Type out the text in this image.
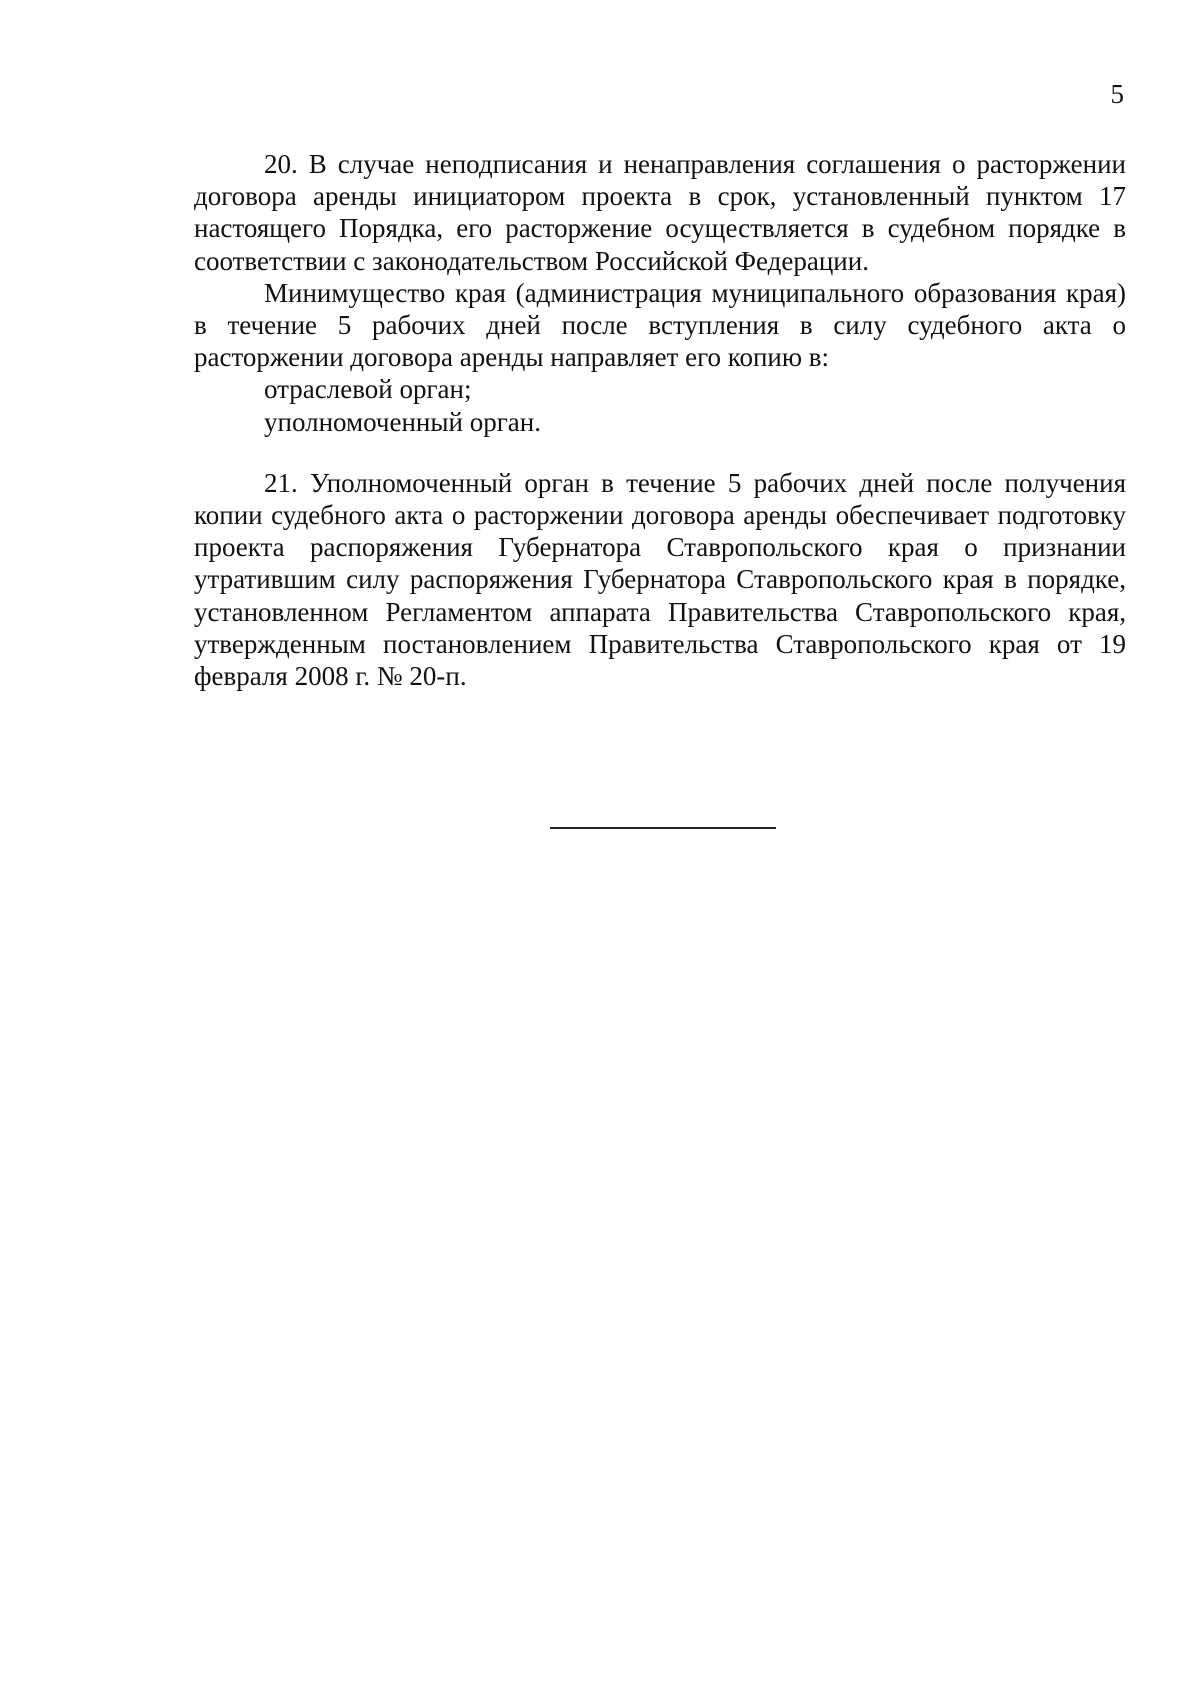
5

20. В случае неподписания и ненаправления соглашения о расторжении договора аренды инициатором проекта в срок, установленный пунктом 17 настоящего Порядка, его расторжение осуществляется в судебном порядке в соответствии с законодательством Российской Федерации.

Минимущество края (администрация муниципального образования края) в течение 5 рабочих дней после вступления в силу судебного акта о расторжении договора аренды направляет его копию в:

отраслевой орган;

уполномоченный орган.

21. Уполномоченный орган в течение 5 рабочих дней после получения копии судебного акта о расторжении договора аренды обеспечивает подготовку проекта распоряжения Губернатора Ставропольского края о признании утратившим силу распоряжения Губернатора Ставропольского края в порядке, установленном Регламентом аппарата Правительства Ставропольского края, утвержденным постановлением Правительства Ставропольского края от 19 февраля 2008 г. № 20-п.
